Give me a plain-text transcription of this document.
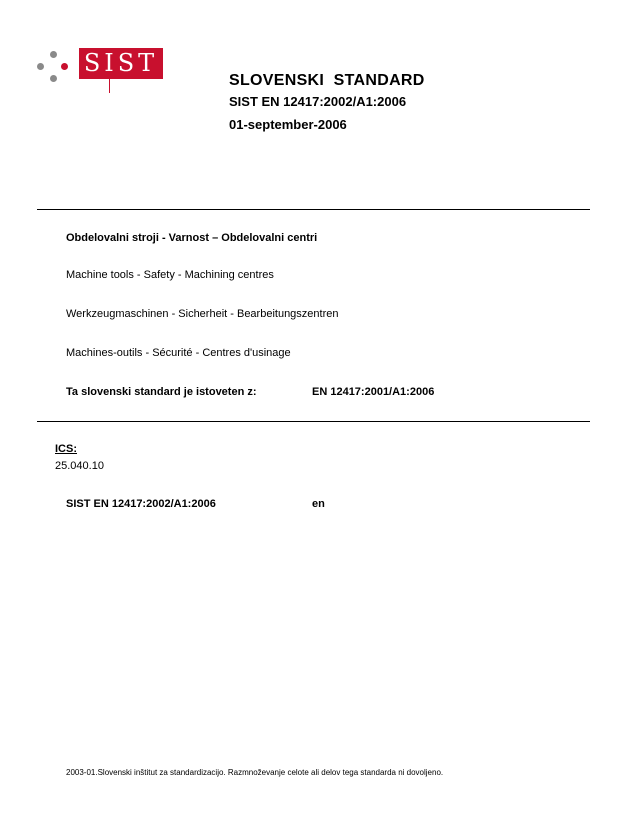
SIST
SLOVENSKI  STANDARD
SIST EN 12417:2002/A1:2006
01-september-2006
Obdelovalni stroji - Varnost – Obdelovalni centri
Machine tools - Safety - Machining centres
Werkzeugmaschinen - Sicherheit - Bearbeitungszentren
Machines-outils - Sécurité - Centres d'usinage
Ta slovenski standard je istoveten z:	EN 12417:2001/A1:2006
ICS:
25.040.10
SIST EN 12417:2002/A1:2006	en
2003-01.Slovenski inštitut za standardizacijo. Razmnoževanje celote ali delov tega standarda ni dovoljeno.
